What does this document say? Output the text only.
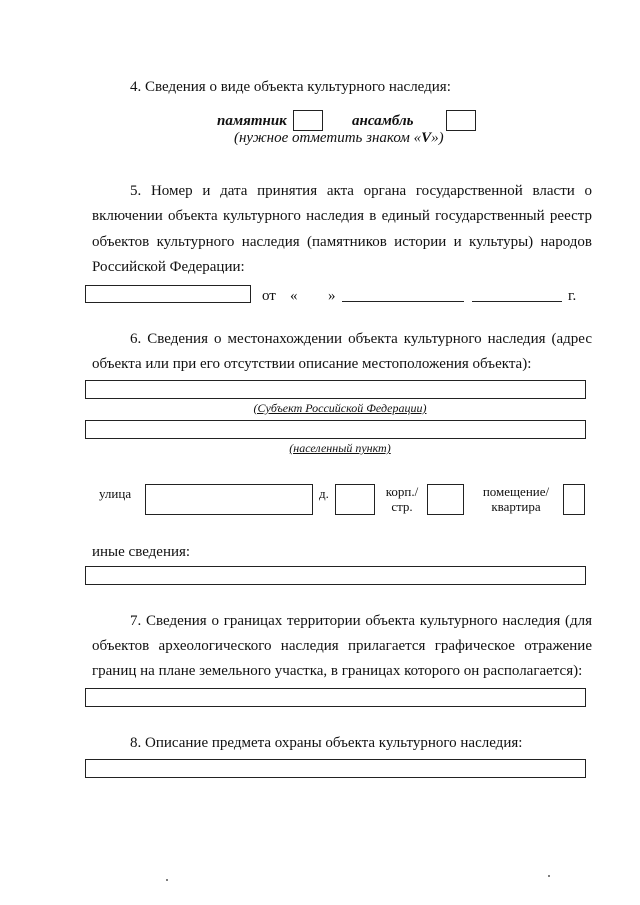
4. Сведения о виде объекта культурного наследия:
памятник	ансамбль
(нужное отметить знаком «V»)
5. Номер и дата принятия акта органа государственной власти о
включении объекта культурного наследия в единый государственный реестр
объектов культурного наследия (памятников истории и культуры) народов
Российской Федерации:
от « »	г.
6. Сведения о местонахождении объекта культурного наследия (адрес
объекта или при его отсутствии описание местоположения объекта):
(Субъект Российской Федерации)
(населенный пункт)
улица	д.	корп./
стр.
помещение/
квартира
иные сведения:
7. Сведения о границах территории объекта культурного наследия (для
объектов археологического наследия прилагается графическое отражение
границ на плане земельного участка, в границах которого он располагается):
8. Описание предмета охраны объекта культурного наследия:
